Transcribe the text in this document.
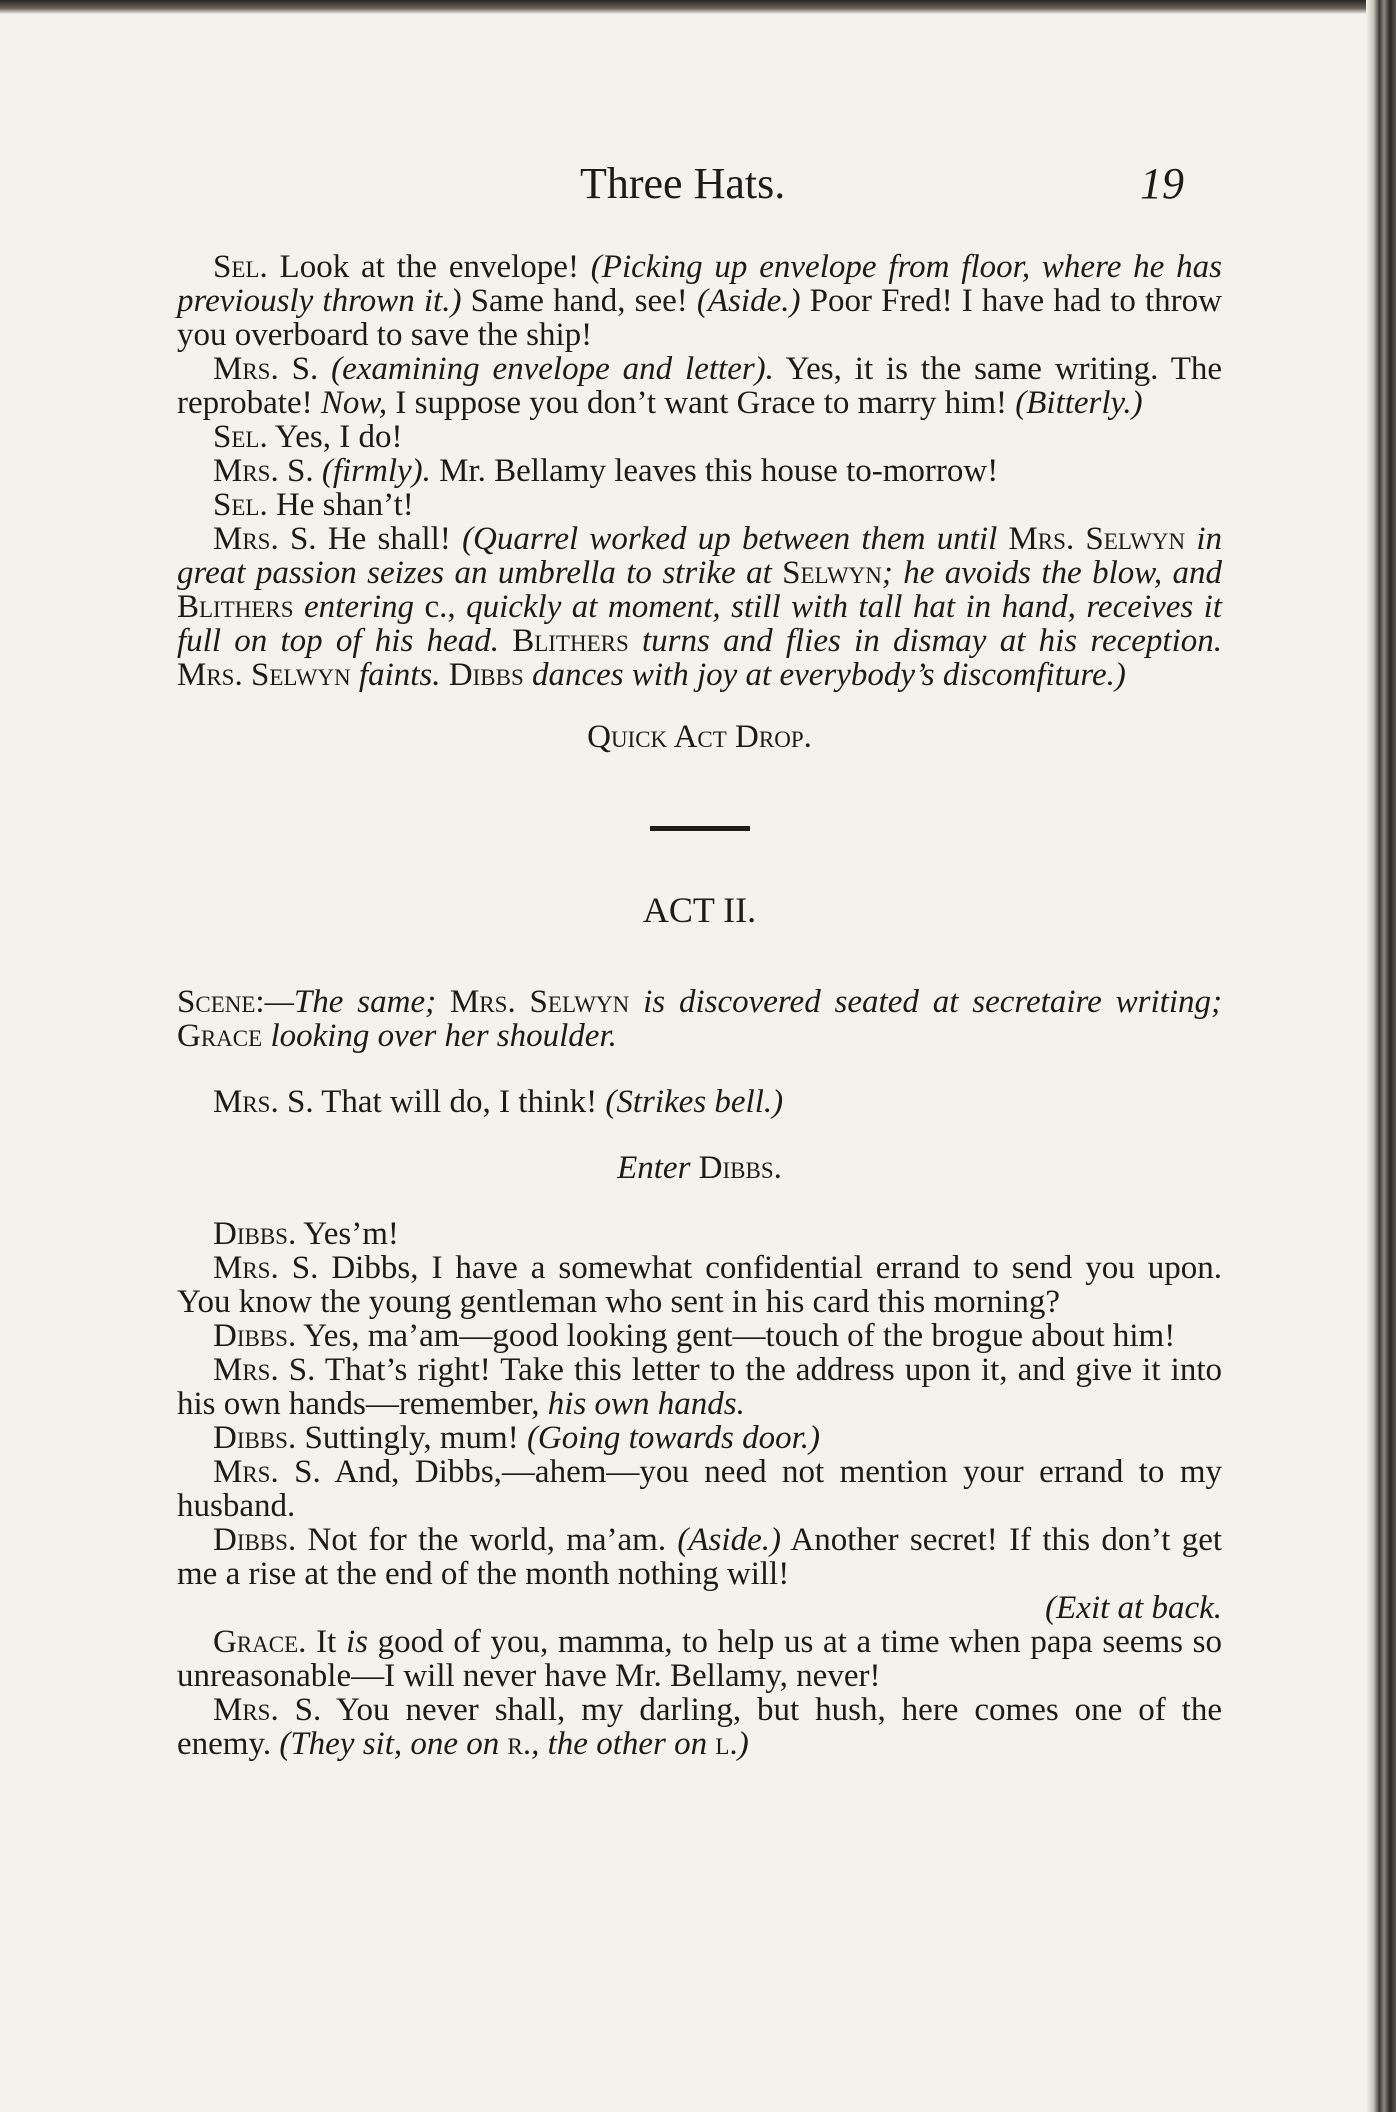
Three Hats.	19

Sel. Look at the envelope! (Picking up envelope from floor, where he has previously thrown it.) Same hand, see! (Aside.) Poor Fred! I have had to throw you overboard to save the ship!

Mrs. S. (examining envelope and letter). Yes, it is the same writing. The reprobate! Now, I suppose you don’t want Grace to marry him! (Bitterly.)

Sel. Yes, I do!

Mrs. S. (firmly). Mr. Bellamy leaves this house to-morrow!

Sel. He shan’t!

Mrs. S. He shall! (Quarrel worked up between them until Mrs. Selwyn in great passion seizes an umbrella to strike at Selwyn; he avoids the blow, and Blithers entering c., quickly at moment, still with tall hat in hand, receives it full on top of his head. Blithers turns and flies in dismay at his reception. Mrs. Selwyn faints. Dibbs dances with joy at everybody’s discomfiture.)

Quick Act Drop.

ACT II.

Scene:—The same; Mrs. Selwyn is discovered seated at secretaire writing; Grace looking over her shoulder.

Mrs. S. That will do, I think! (Strikes bell.)

Enter Dibbs.

Dibbs. Yes’m!

Mrs. S. Dibbs, I have a somewhat confidential errand to send you upon. You know the young gentleman who sent in his card this morning?

Dibbs. Yes, ma’am—good looking gent—touch of the brogue about him!

Mrs. S. That’s right! Take this letter to the address upon it, and give it into his own hands—remember, his own hands.

Dibbs. Suttingly, mum! (Going towards door.)

Mrs. S. And, Dibbs,—ahem—you need not mention your errand to my husband.

Dibbs. Not for the world, ma’am. (Aside.) Another secret! If this don’t get me a rise at the end of the month nothing will!

(Exit at back.

Grace. It is good of you, mamma, to help us at a time when papa seems so unreasonable—I will never have Mr. Bellamy, never!

Mrs. S. You never shall, my darling, but hush, here comes one of the enemy. (They sit, one on r., the other on l.)
